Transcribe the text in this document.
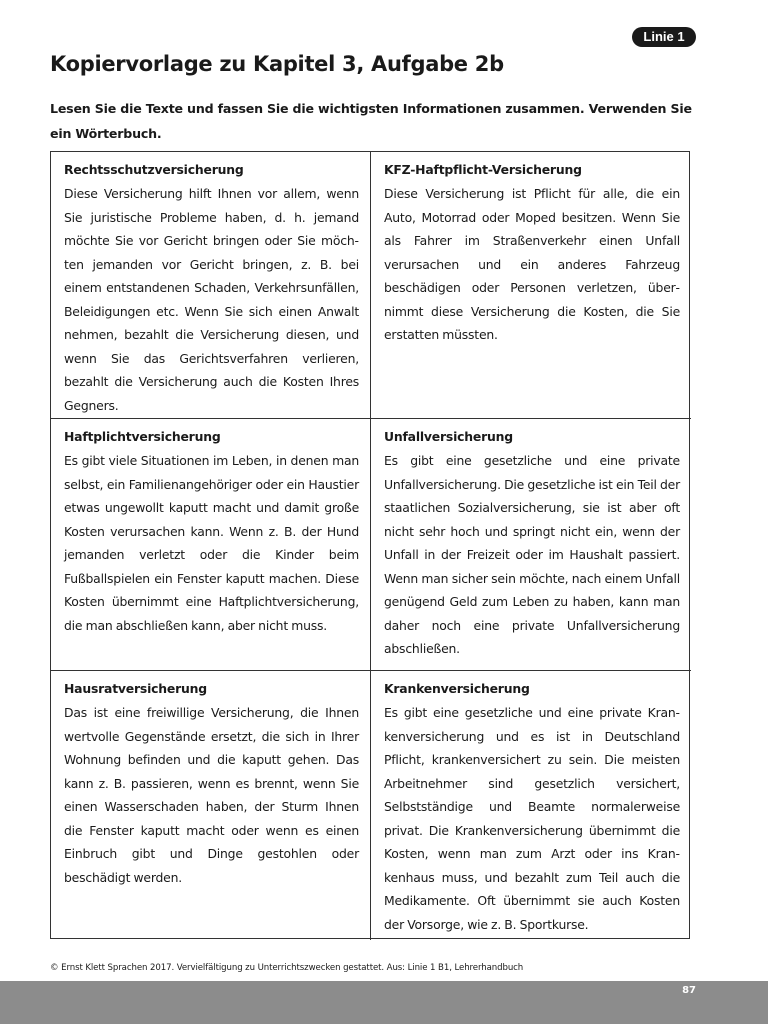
Linie 1
Kopiervorlage zu Kapitel 3, Aufgabe 2b

Lesen Sie die Texte und fassen Sie die wichtigsten Informationen zusammen. Verwenden Sie ein Wörterbuch.

Rechtsschutzversicherung

Diese Versicherung hilft Ihnen vor allem, wenn Sie juristische Probleme haben, d. h. jemand möchte Sie vor Gericht bringen oder Sie möchten jemanden vor Gericht bringen, z. B. bei einem entstandenen Schaden, Verkehrsunfällen, Beleidigungen etc. Wenn Sie sich einen Anwalt nehmen, bezahlt die Versicherung diesen, und wenn Sie das Gerichtsverfahren verlieren, bezahlt die Versicherung auch die Kosten Ihres Gegners.

KFZ-Haftpflicht-Versicherung

Diese Versicherung ist Pflicht für alle, die ein Auto, Motorrad oder Moped besitzen. Wenn Sie als Fahrer im Straßenverkehr einen Unfall verursachen und ein anderes Fahrzeug beschädigen oder Personen verletzen, übernimmt diese Versicherung die Kosten, die Sie erstatten müssten.

Haftplichtversicherung

Es gibt viele Situationen im Leben, in denen man selbst, ein Familienangehöriger oder ein Haustier etwas ungewollt kaputt macht und damit große Kosten verursachen kann. Wenn z. B. der Hund jemanden verletzt oder die Kinder beim Fußballspielen ein Fenster kaputt machen. Diese Kosten übernimmt eine Haftplichtversicherung, die man abschließen kann, aber nicht muss.

Unfallversicherung

Es gibt eine gesetzliche und eine private Unfallversicherung. Die gesetzliche ist ein Teil der staatlichen Sozialversicherung, sie ist aber oft nicht sehr hoch und springt nicht ein, wenn der Unfall in der Freizeit oder im Haushalt passiert. Wenn man sicher sein möchte, nach einem Unfall genügend Geld zum Leben zu haben, kann man daher noch eine private Unfallversicherung abschließen.

Hausratversicherung

Das ist eine freiwillige Versicherung, die Ihnen wertvolle Gegenstände ersetzt, die sich in Ihrer Wohnung befinden und die kaputt gehen. Das kann z. B. passieren, wenn es brennt, wenn Sie einen Wasserschaden haben, der Sturm Ihnen die Fenster kaputt macht oder wenn es einen Einbruch gibt und Dinge gestohlen oder beschädigt werden.

Krankenversicherung

Es gibt eine gesetzliche und eine private Krankenversicherung und es ist in Deutschland Pflicht, krankenversichert zu sein. Die meisten Arbeitnehmer sind gesetzlich versichert, Selbstständige und Beamte normalerweise privat. Die Krankenversicherung übernimmt die Kosten, wenn man zum Arzt oder ins Krankenhaus muss, und bezahlt zum Teil auch die Medikamente. Oft übernimmt sie auch Kosten der Vorsorge, wie z. B. Sportkurse.

© Ernst Klett Sprachen 2017. Vervielfältigung zu Unterrichtszwecken gestattet. Aus: Linie 1 B1, Lehrerhandbuch

87
